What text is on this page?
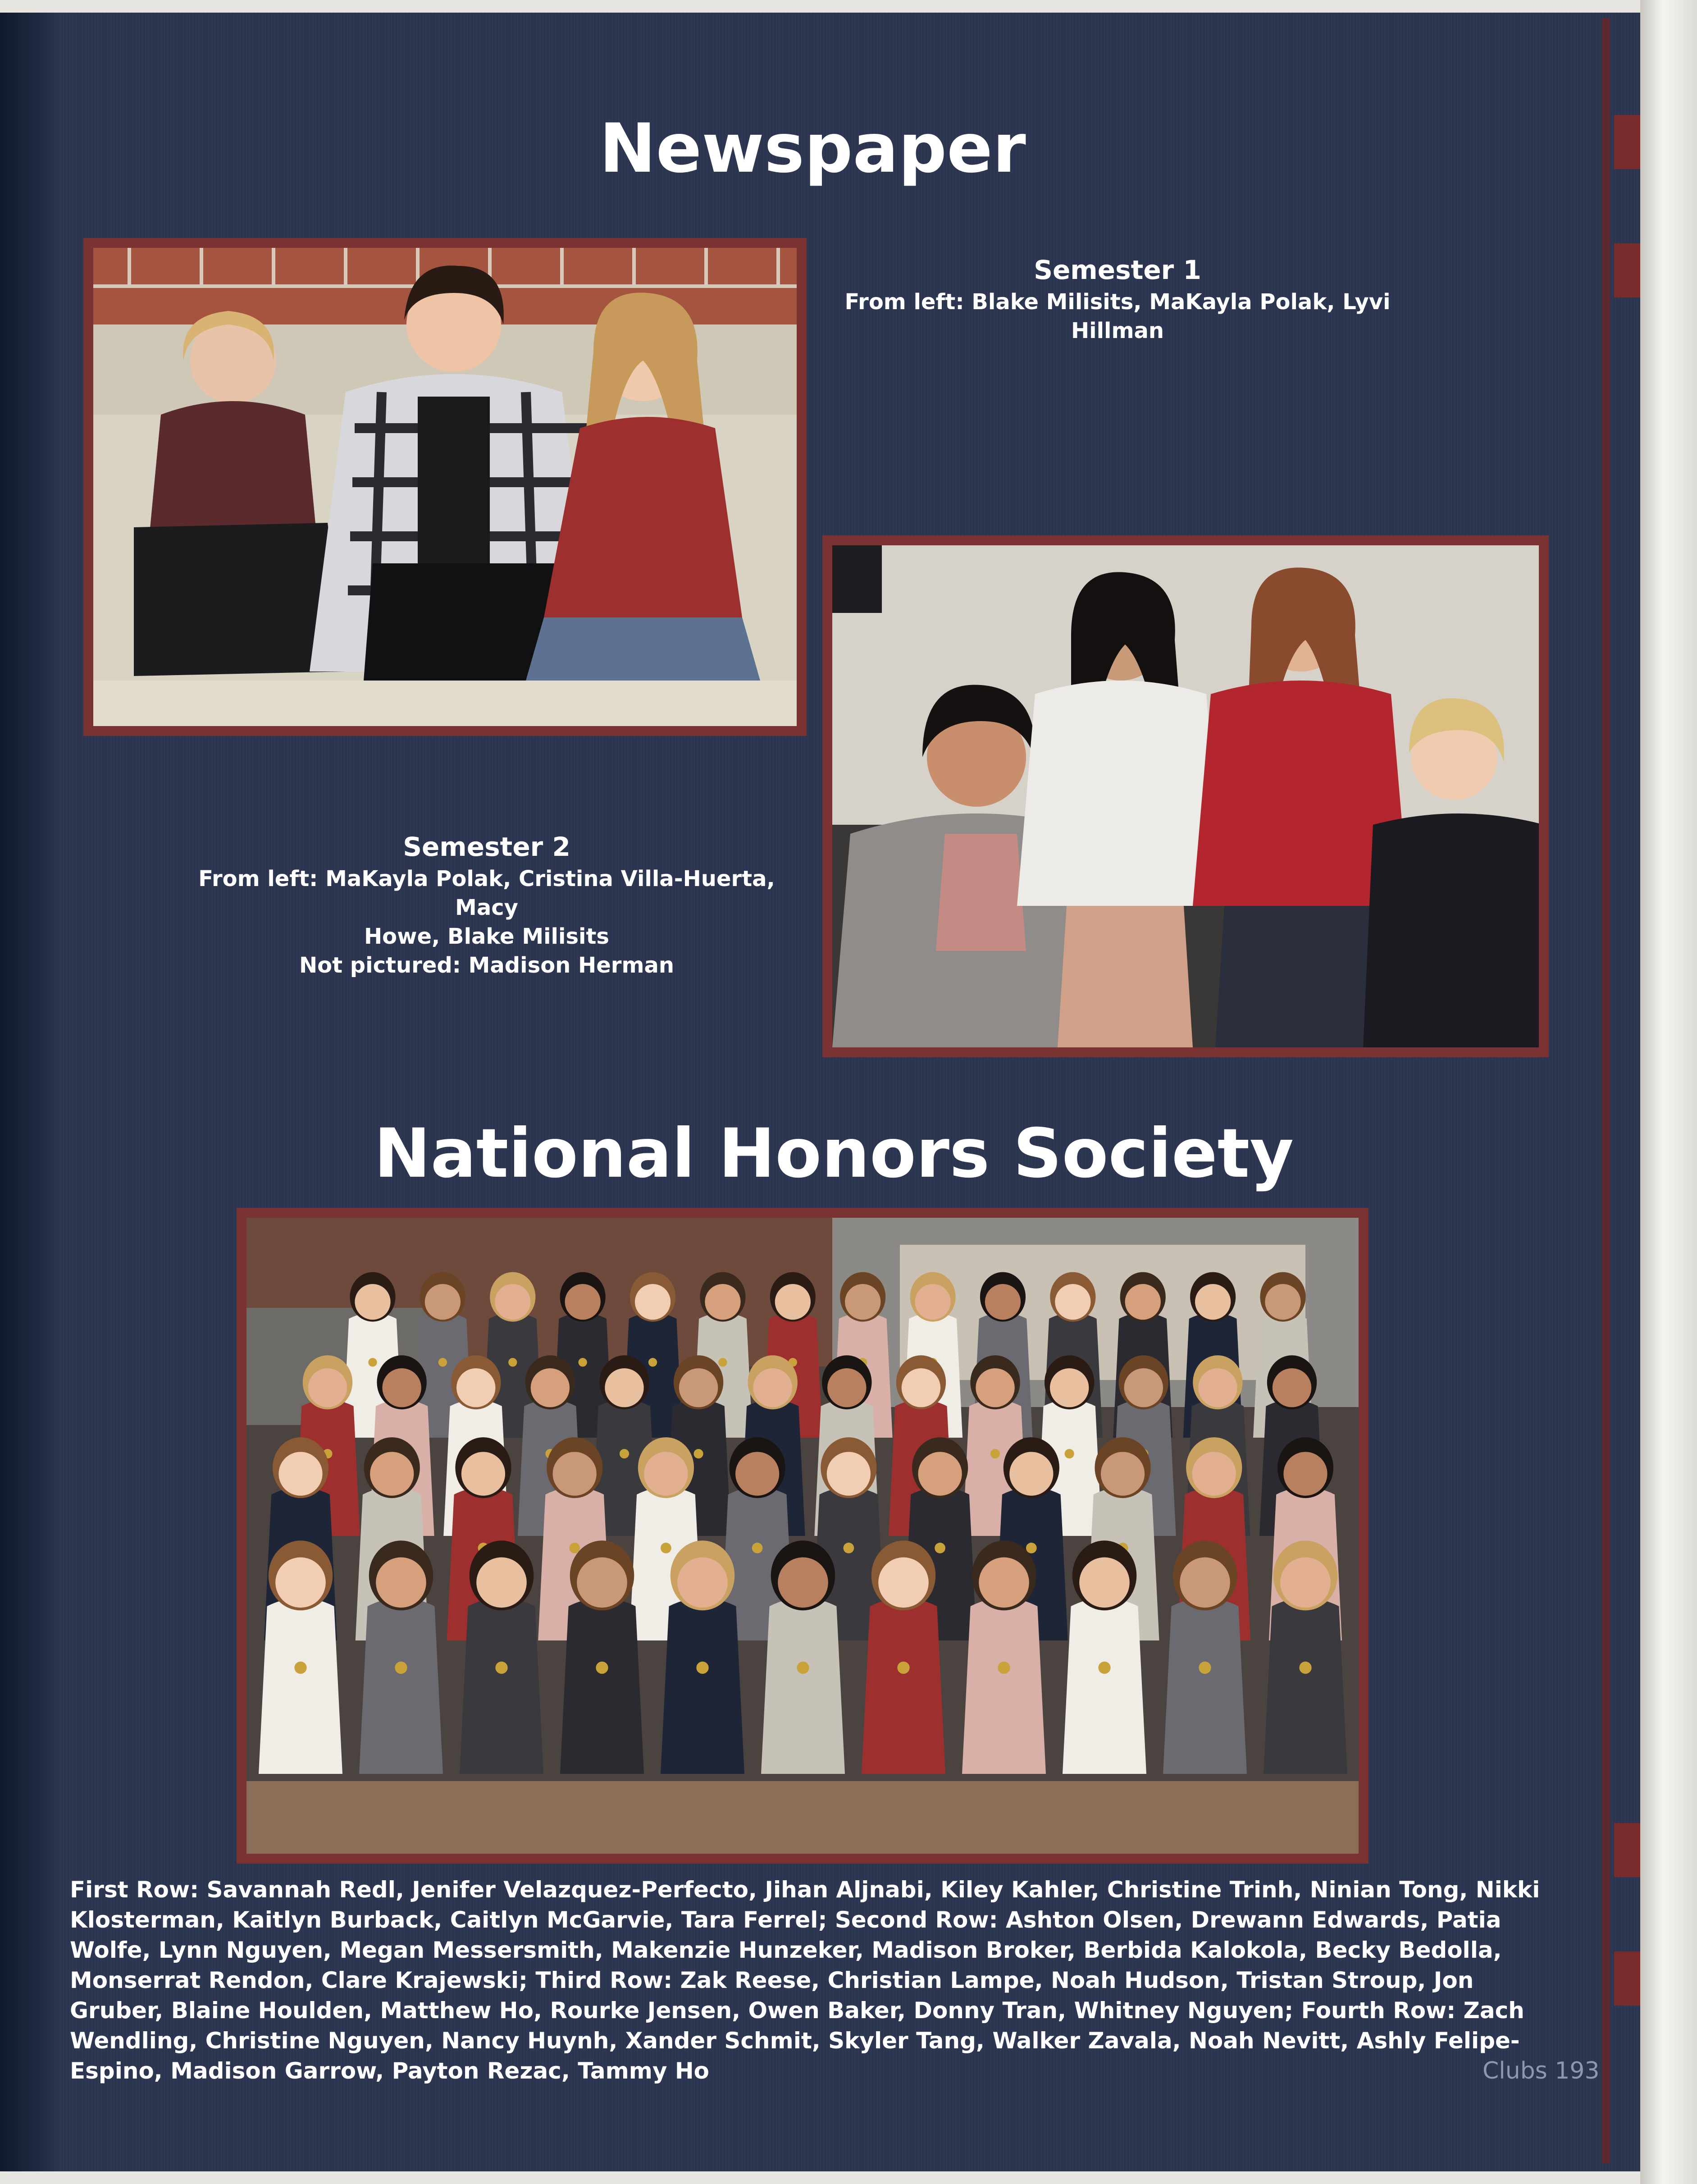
Newspaper
Semester 1
From left: Blake Milisits, MaKayla Polak, Lyvi Hillman
Semester 2
From left: MaKayla Polak, Cristina Villa-Huerta, Macy
Howe, Blake Milisits
Not pictured: Madison Herman
National Honors Society
First Row: Savannah Redl, Jenifer Velazquez-Perfecto, Jihan Aljnabi, Kiley Kahler, Christine Trinh, Ninian Tong, Nikki Klosterman, Kaitlyn Burback, Caitlyn McGarvie, Tara Ferrel; Second Row: Ashton Olsen, Drewann Edwards, Patia Wolfe, Lynn Nguyen, Megan Messersmith, Makenzie Hunzeker, Madison Broker, Berbida Kalokola, Becky Bedolla, Monserrat Rendon, Clare Krajewski; Third Row: Zak Reese, Christian Lampe, Noah Hudson, Tristan Stroup, Jon Gruber, Blaine Houlden, Matthew Ho, Rourke Jensen, Owen Baker, Donny Tran, Whitney Nguyen; Fourth Row: Zach Wendling, Christine Nguyen, Nancy Huynh, Xander Schmit, Skyler Tang, Walker Zavala, Noah Nevitt, Ashly Felipe-Espino, Madison Garrow, Payton Rezac, Tammy Ho	Clubs 193
